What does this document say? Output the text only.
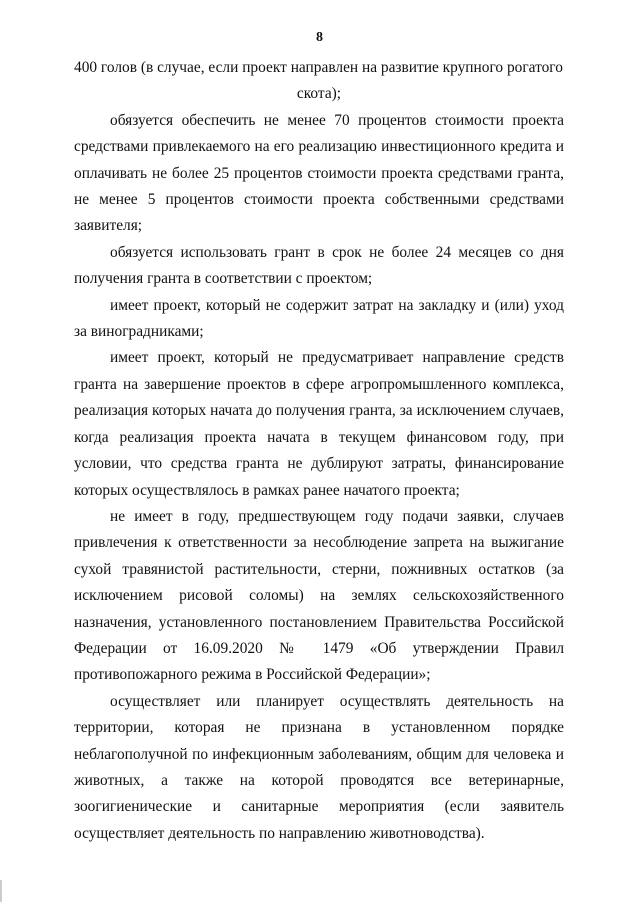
8

400 голов (в случае, если проект направлен на развитие крупного рогатого
скота);

обязуется обеспечить не менее 70 процентов стоимости проекта средствами привлекаемого на его реализацию инвестиционного кредита и оплачивать не более 25 процентов стоимости проекта средствами гранта, не менее 5 процентов стоимости проекта собственными средствами заявителя;

обязуется использовать грант в срок не более 24 месяцев со дня получения гранта в соответствии с проектом;

имеет проект, который не содержит затрат на закладку и (или) уход за виноградниками;

имеет проект, который не предусматривает направление средств гранта на завершение проектов в сфере агропромышленного комплекса, реализация которых начата до получения гранта, за исключением случаев, когда реализация проекта начата в текущем финансовом году, при условии, что средства гранта не дублируют затраты, финансирование которых осуществлялось в рамках ранее начатого проекта;

не имеет в году, предшествующем году подачи заявки, случаев привлечения к ответственности за несоблюдение запрета на выжигание сухой травянистой растительности, стерни, пожнивных остатков (за исключением рисовой соломы) на землях сельскохозяйственного назначения, установленного постановлением Правительства Российской Федерации от 16.09.2020 № 1479 «Об утверждении Правил противопожарного режима в Российской Федерации»;

осуществляет или планирует осуществлять деятельность на территории, которая не признана в установленном порядке неблагополучной по инфекционным заболеваниям, общим для человека и животных, а также на которой проводятся все ветеринарные, зоогигиенические и санитарные мероприятия (если заявитель осуществляет деятельность по направлению животноводства).
